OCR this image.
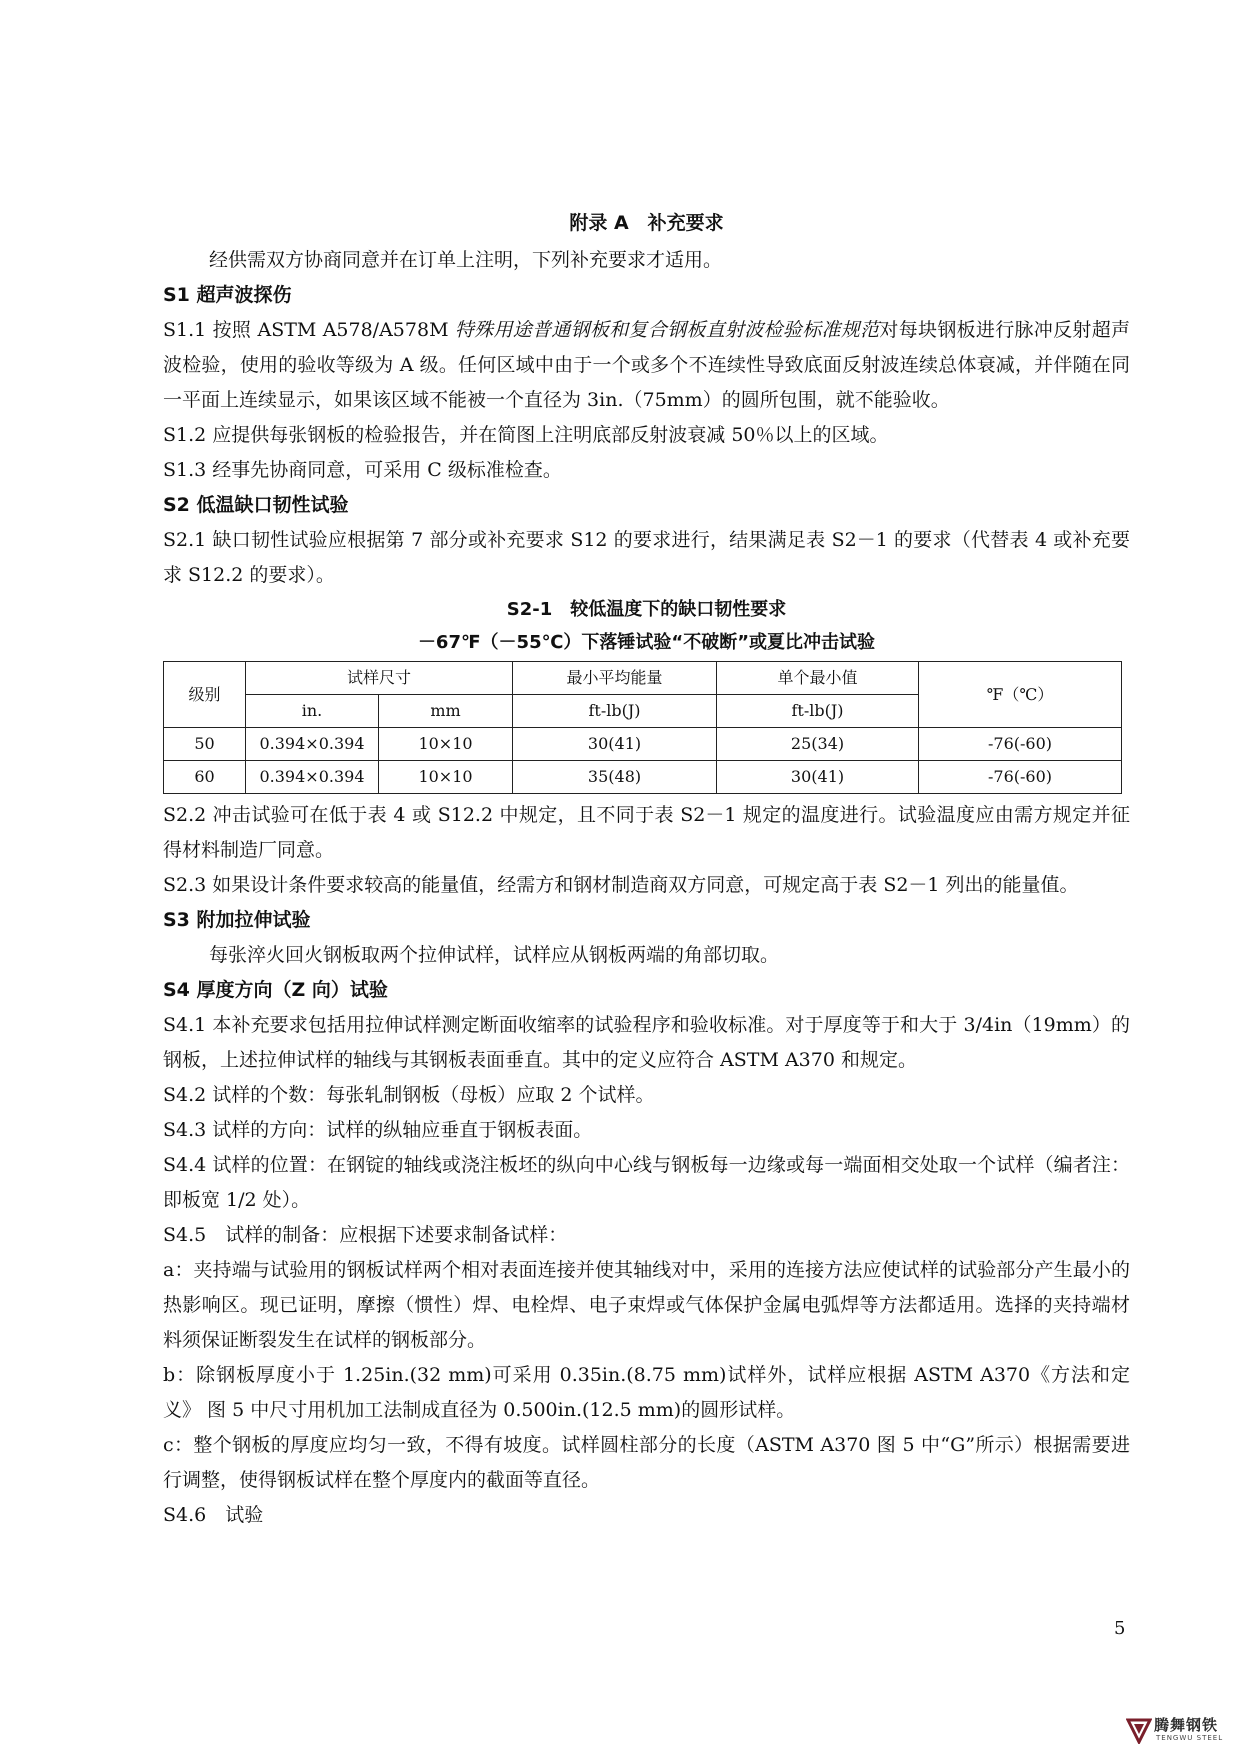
附录 A　补充要求

经供需双方协商同意并在订单上注明，下列补充要求才适用。

S1 超声波探伤

S1.1 按照 ASTM A578/A578M 特殊用途普通钢板和复合钢板直射波检验标准规范对每块钢板进行脉冲反射超声波检验，使用的验收等级为 A 级。任何区域中由于一个或多个不连续性导致底面反射波连续总体衰减，并伴随在同一平面上连续显示，如果该区域不能被一个直径为 3in.（75mm）的圆所包围，就不能验收。

S1.2 应提供每张钢板的检验报告，并在简图上注明底部反射波衰减 50％以上的区域。

S1.3 经事先协商同意，可采用 C 级标准检查。

S2 低温缺口韧性试验

S2.1 缺口韧性试验应根据第 7 部分或补充要求 S12 的要求进行，结果满足表 S2－1 的要求（代替表 4 或补充要求 S12.2 的要求）。

S2-1　较低温度下的缺口韧性要求
－67℉（－55℃）下落锤试验“不破断”或夏比冲击试验
级别	试样尺寸		最小平均能量	单个最小值	℉（℃）
	in.	mm	ft-lb(J)	ft-lb(J)	
50	0.394×0.394	10×10	30(41)	25(34)	-76(-60)
60	0.394×0.394	10×10	35(48)	30(41)	-76(-60)

S2.2 冲击试验可在低于表 4 或 S12.2 中规定，且不同于表 S2－1 规定的温度进行。试验温度应由需方规定并征得材料制造厂同意。

S2.3 如果设计条件要求较高的能量值，经需方和钢材制造商双方同意，可规定高于表 S2－1 列出的能量值。

S3 附加拉伸试验

每张淬火回火钢板取两个拉伸试样，试样应从钢板两端的角部切取。

S4 厚度方向（Z 向）试验

S4.1 本补充要求包括用拉伸试样测定断面收缩率的试验程序和验收标准。对于厚度等于和大于 3/4in（19mm）的钢板，上述拉伸试样的轴线与其钢板表面垂直。其中的定义应符合 ASTM A370 和规定。

S4.2 试样的个数：每张轧制钢板（母板）应取 2 个试样。

S4.3 试样的方向：试样的纵轴应垂直于钢板表面。

S4.4 试样的位置：在钢锭的轴线或浇注板坯的纵向中心线与钢板每一边缘或每一端面相交处取一个试样（编者注：即板宽 1/2 处）。

S4.5　试样的制备：应根据下述要求制备试样：

a：夹持端与试验用的钢板试样两个相对表面连接并使其轴线对中，采用的连接方法应使试样的试验部分产生最小的热影响区。现已证明，摩擦（惯性）焊、电栓焊、电子束焊或气体保护金属电弧焊等方法都适用。选择的夹持端材料须保证断裂发生在试样的钢板部分。

b：除钢板厚度小于 1.25in.(32 mm)可采用 0.35in.(8.75 mm)试样外，试样应根据 ASTM A370《方法和定义》 图 5 中尺寸用机加工法制成直径为 0.500in.(12.5 mm)的圆形试样。

c：整个钢板的厚度应均匀一致，不得有坡度。试样圆柱部分的长度（ASTM A370 图 5 中“G”所示）根据需要进行调整，使得钢板试样在整个厚度内的截面等直径。

S4.6　试验

5
腾舞钢铁
TENGWU STEEL
